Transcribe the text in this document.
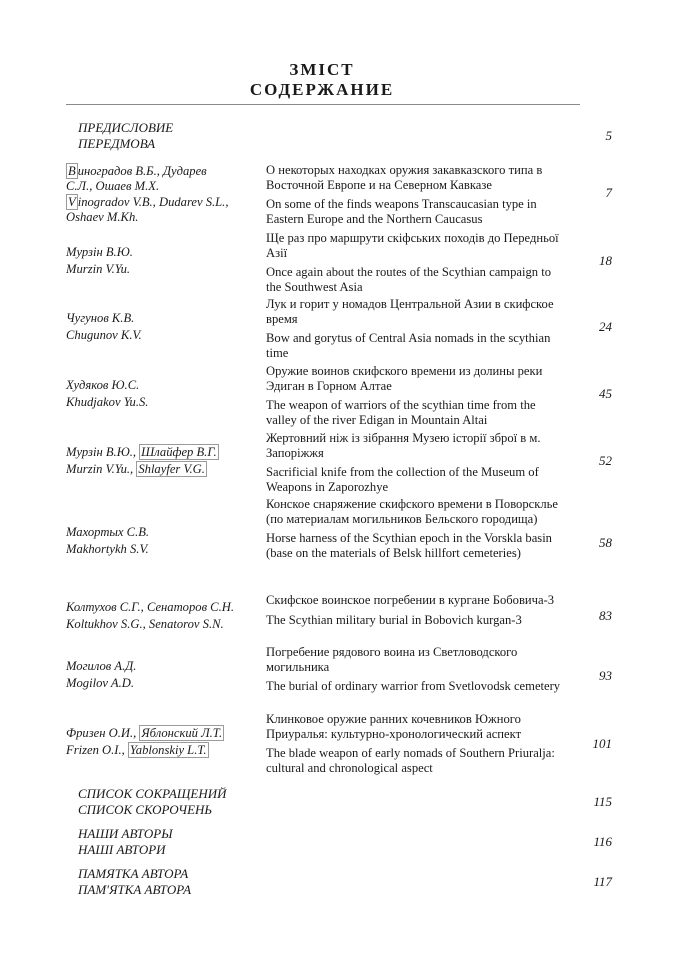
ЗМІСТ
СОДЕРЖАНИЕ
ПРЕДИСЛОВИЕ
ПЕРЕДМОВА
5
В иноградов В.Б., Дударев С.Л., Ошаев М.Х.
V inogradov V.B., Dudarev S.L., Oshaev M.Kh.
О некоторых находках оружия закавказского типа в Восточной Европе и на Северном Кавказе
On some of the finds weapons Transcaucasian type in Eastern Europe and the Northern Caucasus
7
Мурзін В.Ю.
Murzin V.Yu.
Ще раз про маршрути скіфських походів до Передньої Азії
Once again about the routes of the Scythian campaign to the Southwest Asia
18
Чугунов К.В.
Chugunov K.V.
Лук и горит у номадов Центральной Азии в скифское время
Bow and gorytus of Central Asia nomads in the scythian time
24
Худяков Ю.С.
Khudjakov Yu.S.
Оружие воинов скифского времени из долины реки Эдиган в Горном Алтае
The weapon of warriors of the scythian time from the valley of the river Edigan in Mountain Altai
45
Мурзін В.Ю., Шлайфер В.Г.
Murzin V.Yu., Shlayfer V.G.
Жертовний ніж із зібрання Музею історії зброї в м. Запоріжжя
Sacrificial knife from the collection of the Museum of Weapons in Zaporozhye
52
Махортых С.В.
Makhortykh S.V.
Конское снаряжение скифского времени в Поворсклье (по материалам могильников Бельского городища)
Horse harness of the Scythian epoch in the Vorskla basin (base on the materials of Belsk hillfort cemeteries)
58
Колтухов С.Г., Сенаторов С.Н.
Koltukhov S.G., Senatorov S.N.
Скифское воинское погребении в кургане Бобовича-3
The Scythian military burial in Bobovich kurgan-3	83
Могилов А.Д.
Mogilov A.D.
Погребение рядового воина из Светловодского могильника
The burial of ordinary warrior from Svetlovodsk cemetery
93
Фризен О.И., Яблонский Л.Т.
Frizen O.I., Yablonskiy L.T.
Клинковое оружие ранних кочевников Южного Приуралья: культурно-хронологический аспект
The blade weapon of early nomads of Southern Priuralja: cultural and chronological aspect
101
СПИСОК СОКРАЩЕНИЙ
СПИСОК СКОРОЧЕНЬ
115
НАШИ АВТОРЫ
НАШІ АВТОРИ
116
ПАМЯТКА АВТОРА
ПАМ'ЯТКА АВТОРА
117
